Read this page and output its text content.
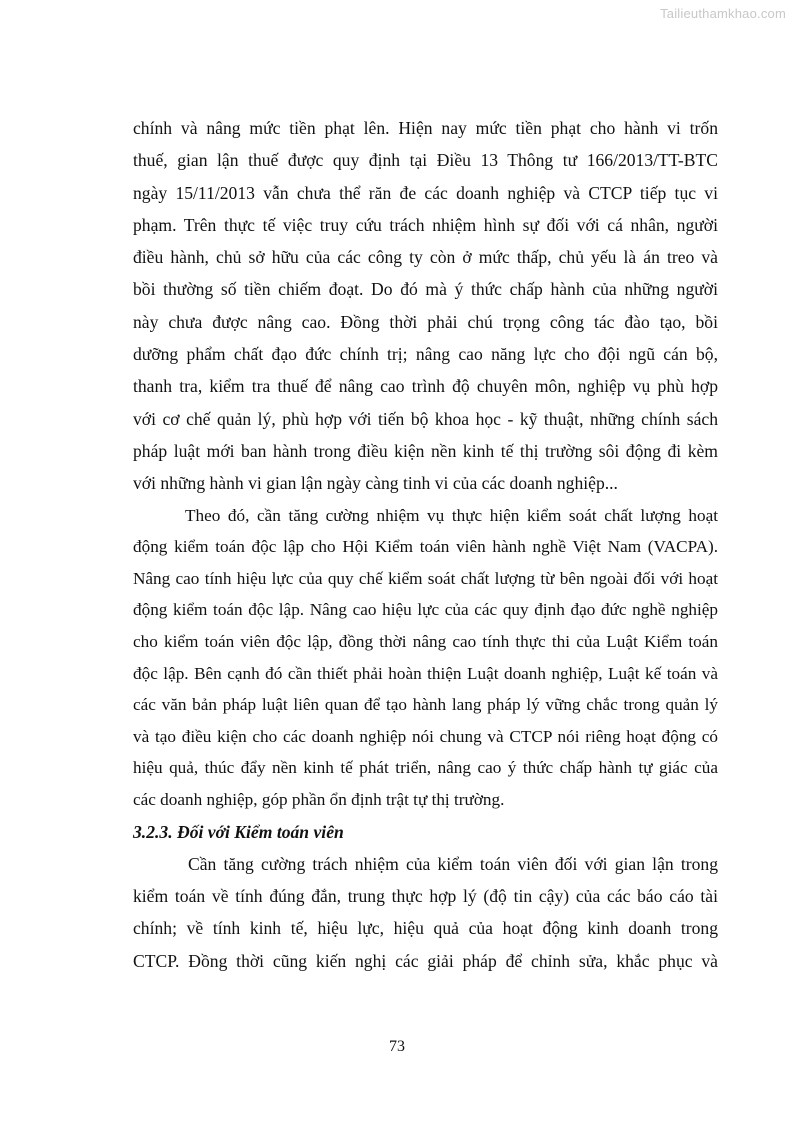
Tailieuthamkhao.com
chính và nâng mức tiền phạt lên. Hiện nay mức tiền phạt cho hành vi trốn
thuế, gian lận thuế được quy định tại Điều 13 Thông tư 166/2013/TT-BTC
ngày 15/11/2013 vẫn chưa thể răn đe các doanh nghiệp và CTCP tiếp tục vi
phạm. Trên thực tế việc truy cứu trách nhiệm hình sự đối với cá nhân, người
điều hành, chủ sở hữu của các công ty còn ở mức thấp, chủ yếu là án treo và
bồi thường số tiền chiếm đoạt. Do đó mà ý thức chấp hành của những người
này chưa được nâng cao. Đồng thời phải chú trọng công tác đào tạo, bồi
dưỡng phẩm chất đạo đức chính trị; nâng cao năng lực cho đội ngũ cán bộ,
thanh tra, kiểm tra thuế để nâng cao trình độ chuyên môn, nghiệp vụ phù hợp
với cơ chế quản lý, phù hợp với tiến bộ khoa học - kỹ thuật, những chính sách
pháp luật mới ban hành trong điều kiện nền kinh tế thị trường sôi động đi kèm
với những hành vi gian lận ngày càng tinh vi của các doanh nghiệp...
Theo đó, cần tăng cường nhiệm vụ thực hiện kiểm soát chất lượng hoạt
động kiểm toán độc lập cho Hội Kiểm toán viên hành nghề Việt Nam (VACPA).
Nâng cao tính hiệu lực của quy chế kiểm soát chất lượng từ bên ngoài đối với hoạt
động kiểm toán độc lập. Nâng cao hiệu lực của các quy định đạo đức nghề nghiệp
cho kiểm toán viên độc lập, đồng thời nâng cao tính thực thi của Luật Kiểm toán
độc lập. Bên cạnh đó cần thiết phải hoàn thiện Luật doanh nghiệp, Luật kế toán và
các văn bản pháp luật liên quan để tạo hành lang pháp lý vững chắc trong quản lý
và tạo điều kiện cho các doanh nghiệp nói chung và CTCP nói riêng hoạt động có
hiệu quả, thúc đẩy nền kinh tế phát triển, nâng cao ý thức chấp hành tự giác của
các doanh nghiệp, góp phần ổn định trật tự thị trường.
3.2.3. Đối với Kiểm toán viên
Cần tăng cường trách nhiệm của kiểm toán viên đối với gian lận trong
kiểm toán về tính đúng đắn, trung thực hợp lý (độ tin cậy) của các báo cáo tài
chính; về tính kinh tế, hiệu lực, hiệu quả của hoạt động kinh doanh trong
CTCP. Đồng thời cũng kiến nghị các giải pháp để chỉnh sửa, khắc phục và
73
